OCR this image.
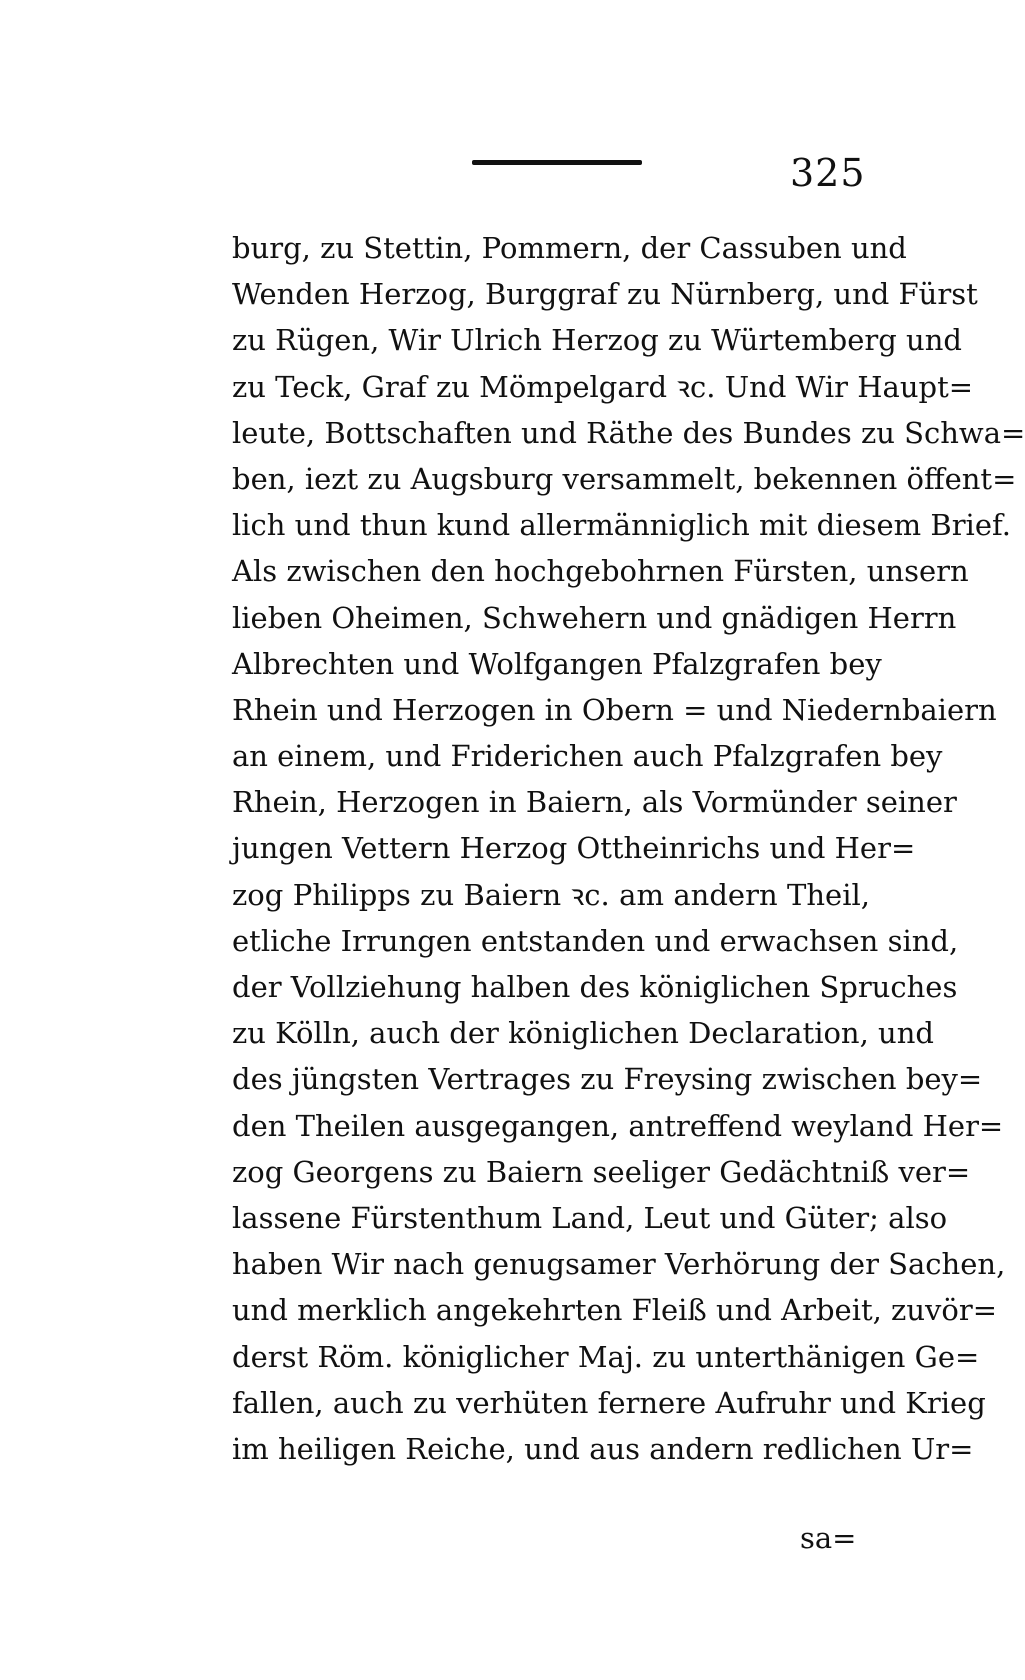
325
burg, zu Stettin, Pommern, der Cassuben und
Wenden Herzog, Burggraf zu Nürnberg, und Fürst
zu Rügen, Wir Ulrich Herzog zu Würtemberg und
zu Teck, Graf zu Mömpelgard ꝛc. Und Wir Haupt=
leute, Bottschaften und Räthe des Bundes zu Schwa=
ben, iezt zu Augsburg versammelt, bekennen öffent=
lich und thun kund allermänniglich mit diesem Brief.
Als zwischen den hochgebohrnen Fürsten, unsern
lieben Oheimen, Schwehern und gnädigen Herrn
Albrechten und Wolfgangen Pfalzgrafen bey
Rhein und Herzogen in Obern = und Niedernbaiern
an einem, und Friderichen auch Pfalzgrafen bey
Rhein, Herzogen in Baiern, als Vormünder seiner
jungen Vettern Herzog Ottheinrichs und Her=
zog Philipps zu Baiern ꝛc. am andern Theil,
etliche Irrungen entstanden und erwachsen sind,
der Vollziehung halben des königlichen Spruches
zu Kölln, auch der königlichen Declaration, und
des jüngsten Vertrages zu Freysing zwischen bey=
den Theilen ausgegangen, antreffend weyland Her=
zog Georgens zu Baiern seeliger Gedächtniß ver=
lassene Fürstenthum Land, Leut und Güter; also
haben Wir nach genugsamer Verhörung der Sachen,
und merklich angekehrten Fleiß und Arbeit, zuvör=
derst Röm. königlicher Maj. zu unterthänigen Ge=
fallen, auch zu verhüten fernere Aufruhr und Krieg
im heiligen Reiche, und aus andern redlichen Ur=
sa=
